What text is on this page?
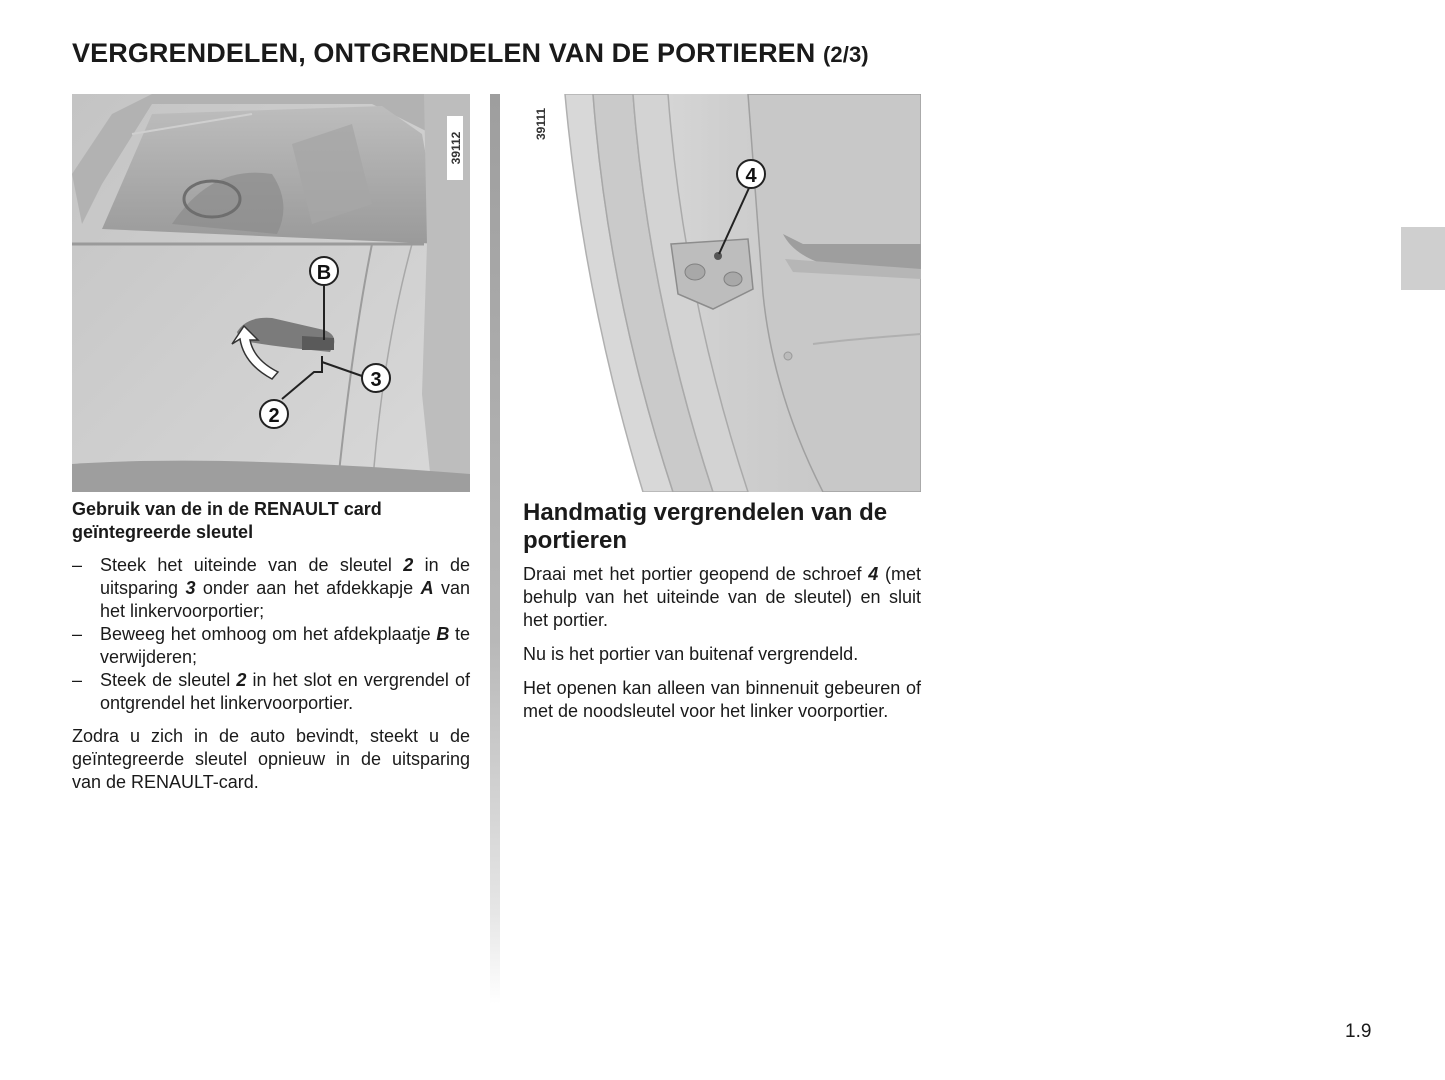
VERGRENDELEN, ONTGRENDELEN VAN DE PORTIEREN (2/3)
B
3
2
39112
4
39111
Gebruik van de in de RENAULT card geïntegreerde sleutel
– Steek het uiteinde van de sleutel 2 in de uitsparing 3 onder aan het afdekkapje A van het linkervoorportier;
– Beweeg het omhoog om het afdekplaatje B te verwijderen;
– Steek de sleutel 2 in het slot en vergrendel of ontgrendel het linkervoorportier.

Zodra u zich in de auto bevindt, steekt u de geïntegreerde sleutel opnieuw in de uitsparing van de RENAULT-card.

Handmatig vergrendelen van de portieren

Draai met het portier geopend de schroef 4 (met behulp van het uiteinde van de sleutel) en sluit het portier.

Nu is het portier van buitenaf vergrendeld.

Het openen kan alleen van binnenuit gebeuren of met de noodsleutel voor het linker voorportier.

1.9
